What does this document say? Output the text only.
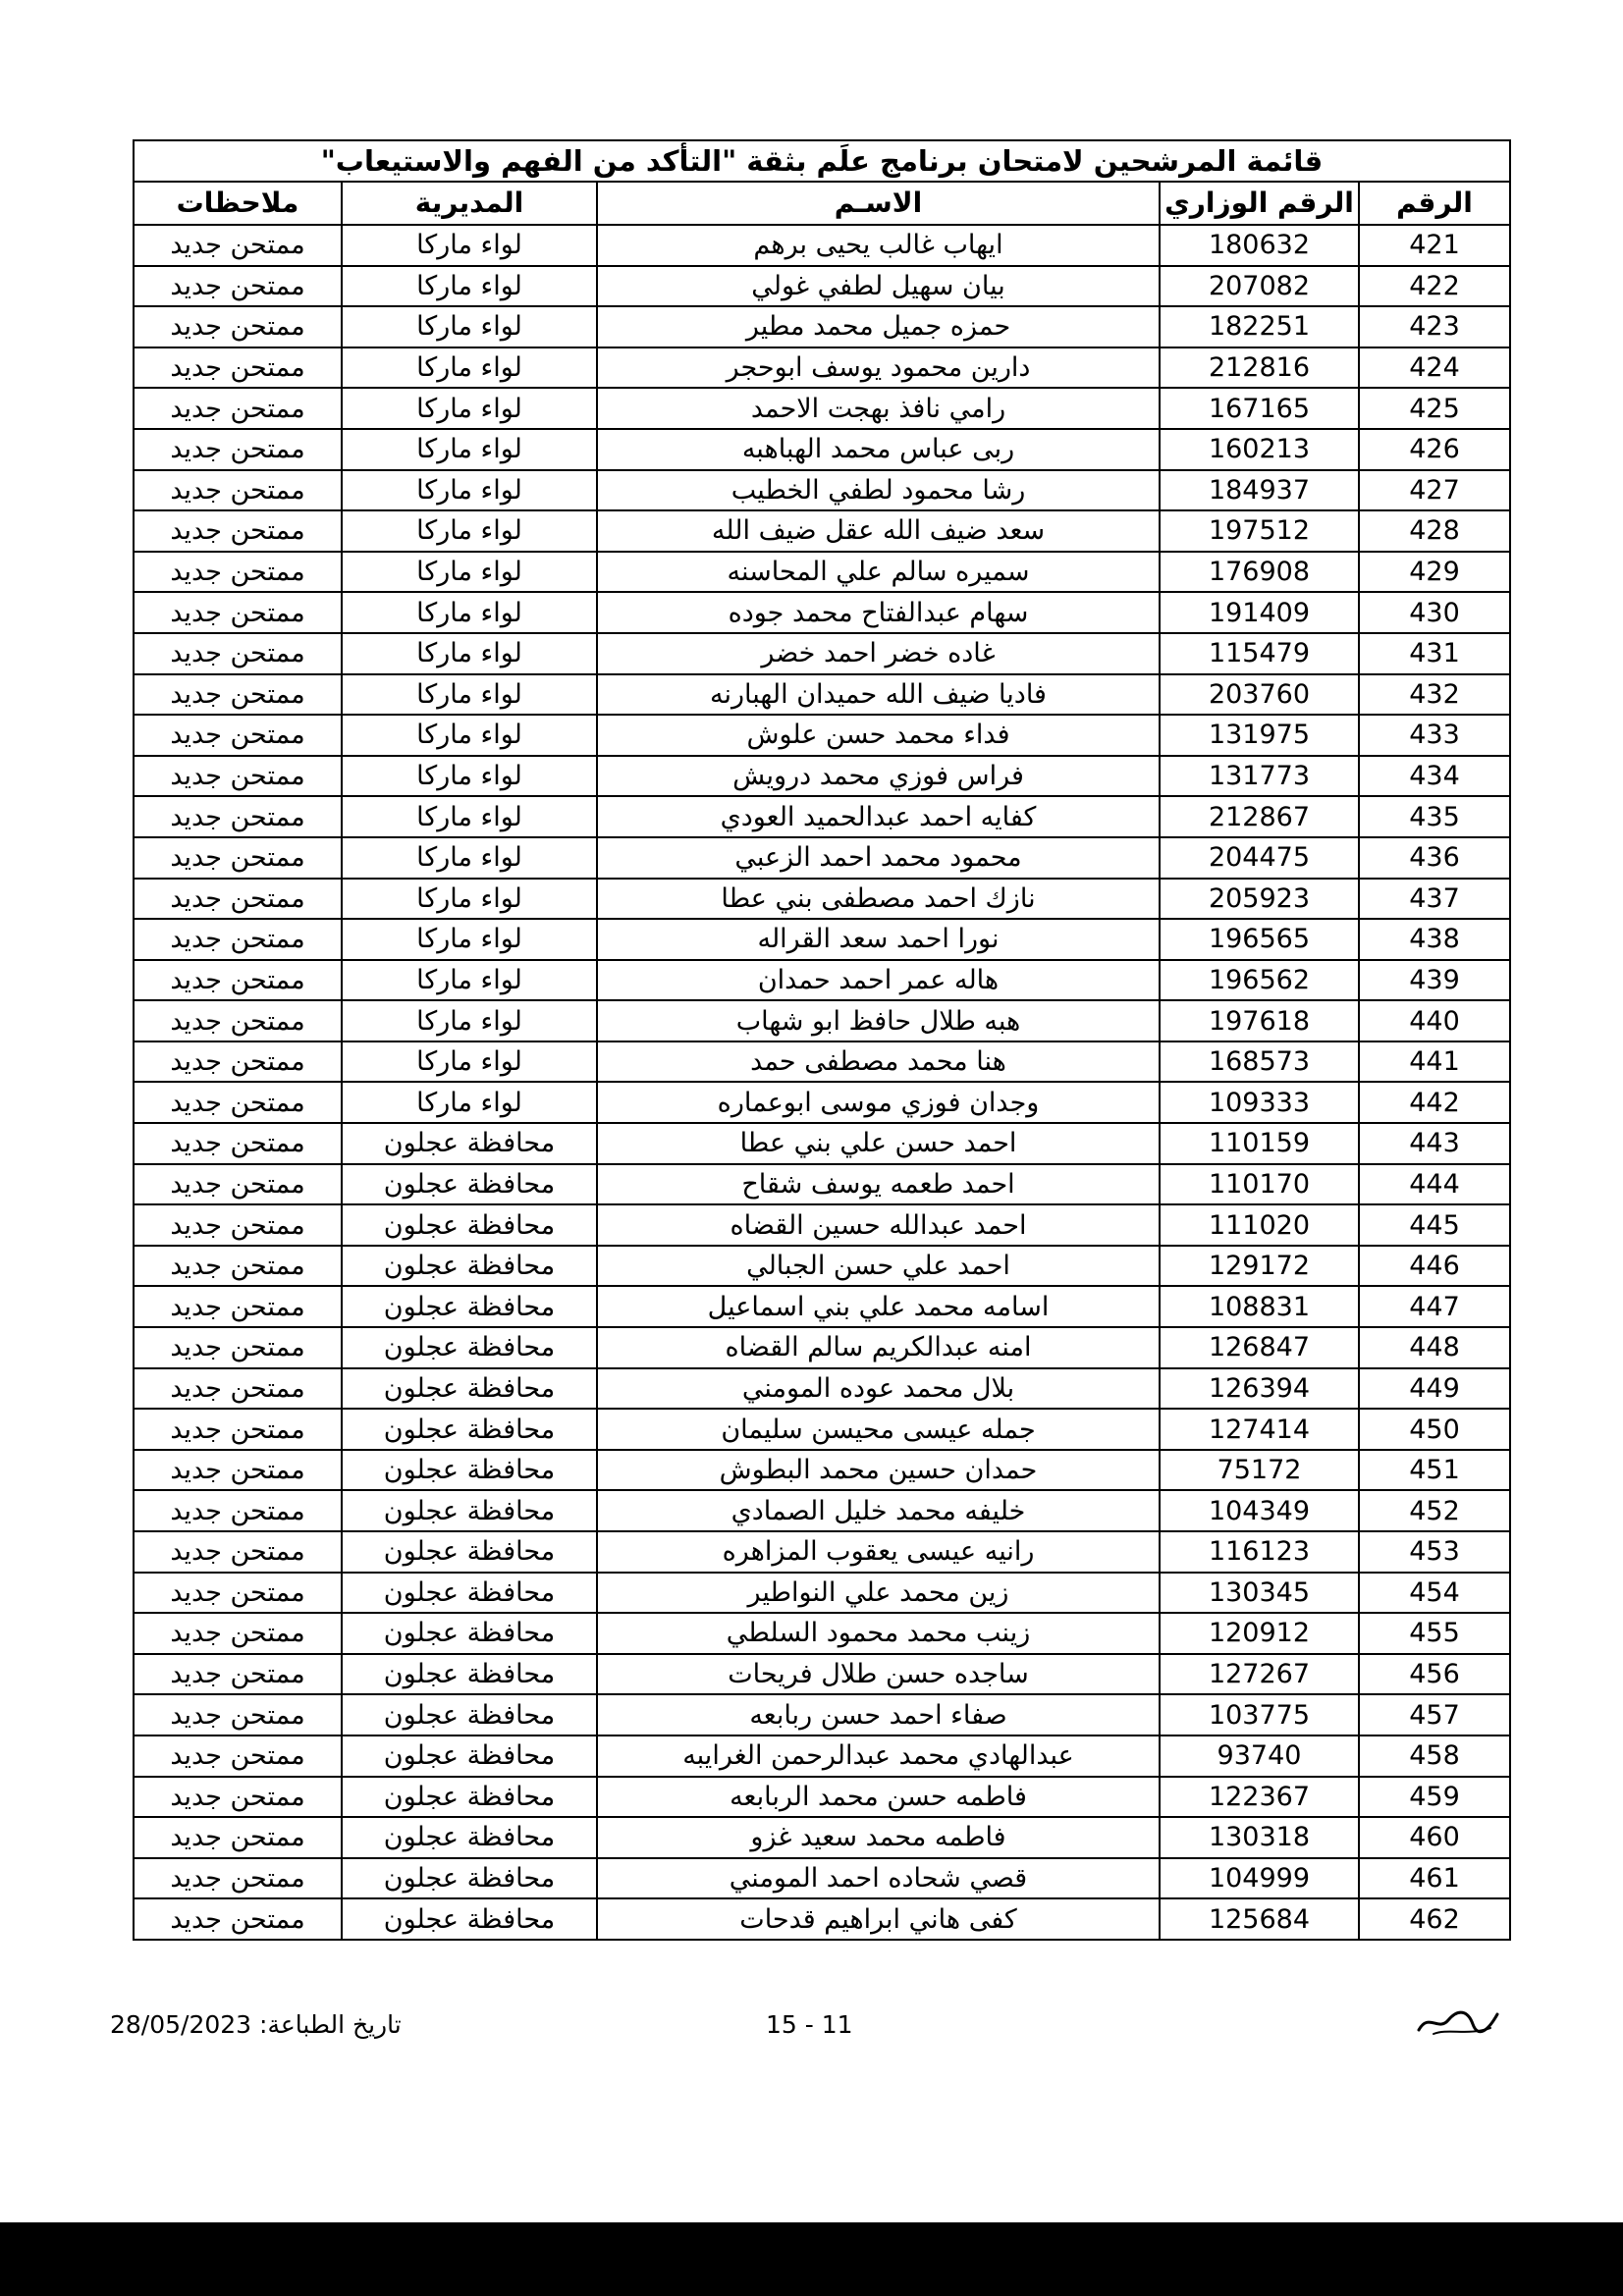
قائمة المرشحين لامتحان برنامج علَم بثقة "التأكد من الفهم والاستيعاب"
الرقم	الرقم الوزاري	الاسـم	المديرية	ملاحظات
421	180632	ايهاب غالب يحيى برهم	لواء ماركا	ممتحن جديد
422	207082	بيان سهيل لطفي غولي	لواء ماركا	ممتحن جديد
423	182251	حمزه جميل محمد مطير	لواء ماركا	ممتحن جديد
424	212816	دارين محمود يوسف ابوحجر	لواء ماركا	ممتحن جديد
425	167165	رامي نافذ بهجت الاحمد	لواء ماركا	ممتحن جديد
426	160213	ربى عباس محمد الهباهبه	لواء ماركا	ممتحن جديد
427	184937	رشا محمود لطفي الخطيب	لواء ماركا	ممتحن جديد
428	197512	سعد ضيف الله عقل ضيف الله	لواء ماركا	ممتحن جديد
429	176908	سميره سالم علي المحاسنه	لواء ماركا	ممتحن جديد
430	191409	سهام عبدالفتاح محمد جوده	لواء ماركا	ممتحن جديد
431	115479	غاده خضر احمد خضر	لواء ماركا	ممتحن جديد
432	203760	فاديا ضيف الله حميدان الهبارنه	لواء ماركا	ممتحن جديد
433	131975	فداء محمد حسن علوش	لواء ماركا	ممتحن جديد
434	131773	فراس فوزي محمد درويش	لواء ماركا	ممتحن جديد
435	212867	كفايه احمد عبدالحميد العودي	لواء ماركا	ممتحن جديد
436	204475	محمود محمد احمد الزعبي	لواء ماركا	ممتحن جديد
437	205923	نازك احمد مصطفى بني عطا	لواء ماركا	ممتحن جديد
438	196565	نورا احمد سعد القراله	لواء ماركا	ممتحن جديد
439	196562	هاله عمر احمد حمدان	لواء ماركا	ممتحن جديد
440	197618	هبه طلال حافظ ابو شهاب	لواء ماركا	ممتحن جديد
441	168573	هنا محمد مصطفى حمد	لواء ماركا	ممتحن جديد
442	109333	وجدان فوزي موسى ابوعماره	لواء ماركا	ممتحن جديد
443	110159	احمد حسن علي بني عطا	محافظة عجلون	ممتحن جديد
444	110170	احمد طعمه يوسف شقاح	محافظة عجلون	ممتحن جديد
445	111020	احمد عبدالله حسين القضاه	محافظة عجلون	ممتحن جديد
446	129172	احمد علي حسن الجبالي	محافظة عجلون	ممتحن جديد
447	108831	اسامه محمد علي بني اسماعيل	محافظة عجلون	ممتحن جديد
448	126847	امنه عبدالكريم سالم القضاه	محافظة عجلون	ممتحن جديد
449	126394	بلال محمد عوده المومني	محافظة عجلون	ممتحن جديد
450	127414	جمله عيسى محيسن سليمان	محافظة عجلون	ممتحن جديد
451	75172	حمدان حسين محمد البطوش	محافظة عجلون	ممتحن جديد
452	104349	خليفه محمد خليل الصمادي	محافظة عجلون	ممتحن جديد
453	116123	رانيه عيسى يعقوب المزاهره	محافظة عجلون	ممتحن جديد
454	130345	زين محمد علي النواطير	محافظة عجلون	ممتحن جديد
455	120912	زينب محمد محمود السلطي	محافظة عجلون	ممتحن جديد
456	127267	ساجده حسن طلال فريحات	محافظة عجلون	ممتحن جديد
457	103775	صفاء احمد حسن ربابعه	محافظة عجلون	ممتحن جديد
458	93740	عبدالهادي محمد عبدالرحمن الغرايبه	محافظة عجلون	ممتحن جديد
459	122367	فاطمه حسن محمد الربابعه	محافظة عجلون	ممتحن جديد
460	130318	فاطمه محمد سعيد غزو	محافظة عجلون	ممتحن جديد
461	104999	قصي شحاده احمد المومني	محافظة عجلون	ممتحن جديد
462	125684	كفى هاني ابراهيم قدحات	محافظة عجلون	ممتحن جديد
تاريخ الطباعة: 28/05/2023	15 - 11
